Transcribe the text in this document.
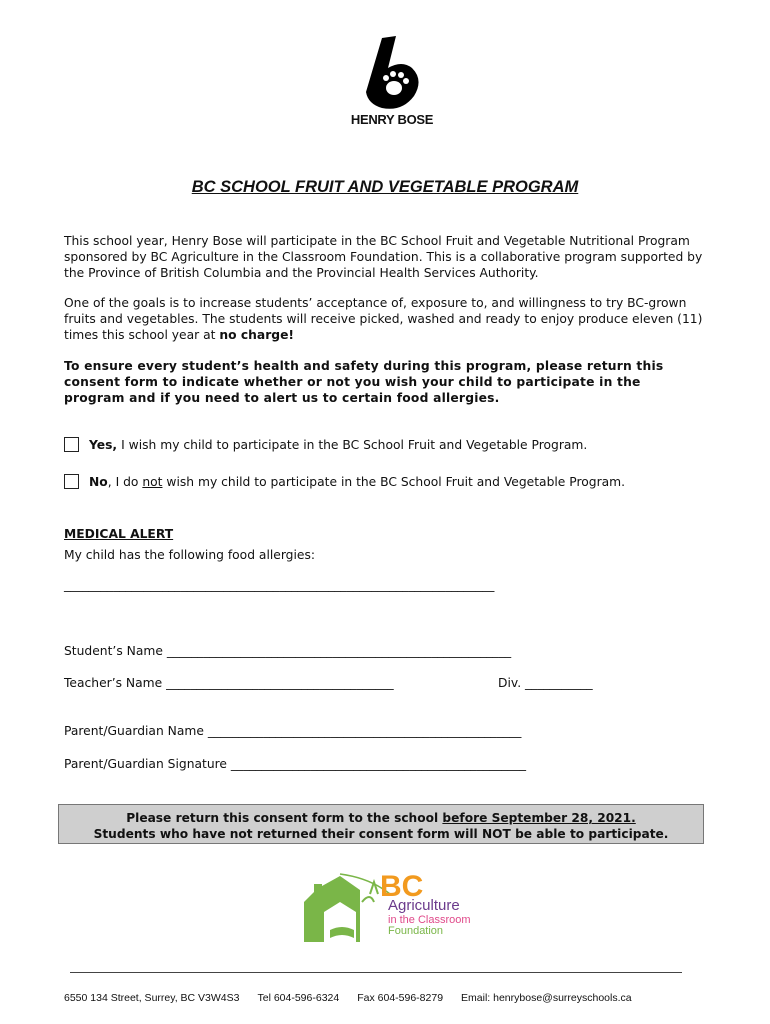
HENRY BOSE
BC SCHOOL FRUIT AND VEGETABLE PROGRAM
This school year, Henry Bose will participate in the BC School Fruit and Vegetable Nutritional Program sponsored by BC Agriculture in the Classroom Foundation. This is a collaborative program supported by the Province of British Columbia and the Provincial Health Services Authority.
One of the goals is to increase students’ acceptance of, exposure to, and willingness to try BC-grown fruits and vegetables. The students will receive picked, washed and ready to enjoy produce eleven (11) times this school year at no charge!
To ensure every student’s health and safety during this program, please return this consent form to indicate whether or not you wish your child to participate in the program and if you need to alert us to certain food allergies.
Yes, I wish my child to participate in the BC School Fruit and Vegetable Program.
No , I do not wish my child to participate in the BC School Fruit and Vegetable Program.
MEDICAL ALERT
My child has the following food allergies:
______________________________________________________________________
Student’s Name ________________________________________________________
Teacher’s Name _____________________________________	Div. ___________
Parent/Guardian Name ___________________________________________________
Parent/Guardian Signature ________________________________________________
Please return this consent form to the school before September 28, 2021.
Students who have not returned their consent form will NOT be able to participate.
BC
Agriculture
in the Classroom
Foundation
6550 134 Street, Surrey, BC V3W4S3 Tel 604-596-6324 Fax 604-596-8279 Email: henrybose@surreyschools.ca
